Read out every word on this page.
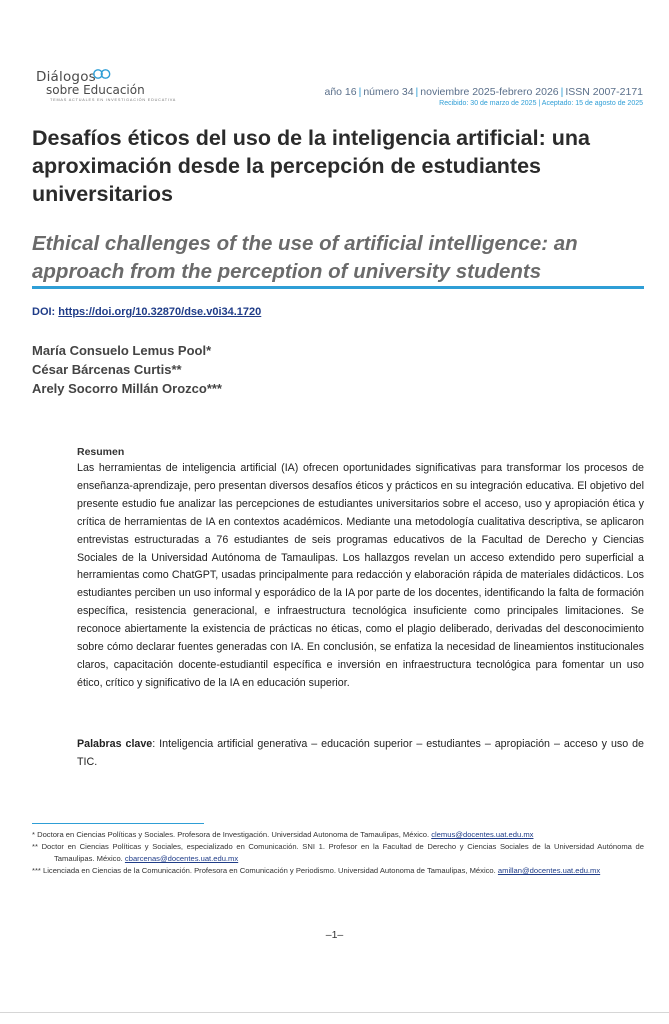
Diálogos
sobre Educación
TEMAS ACTUALES EN INVESTIGACIÓN EDUCATIVA
año 16 | número 34 | noviembre 2025-febrero 2026 | ISSN 2007-2171
Recibido: 30 de marzo de 2025 | Aceptado: 15 de agosto de 2025
Desafíos éticos del uso de la inteligencia artificial: una aproximación desde la percepción de estudiantes universitarios
Ethical challenges of the use of artificial intelligence: an approach from the perception of university students
DOI: https://doi.org/10.32870/dse.v0i34.1720
María Consuelo Lemus Pool*
César Bárcenas Curtis**
Arely Socorro Millán Orozco***
Resumen

Las herramientas de inteligencia artificial (IA) ofrecen oportunidades significativas para transformar los procesos de enseñanza-aprendizaje, pero presentan diversos desafíos éticos y prácticos en su integración educativa. El objetivo del presente estudio fue analizar las percepciones de estudiantes universitarios sobre el acceso, uso y apropiación ética y crítica de herramientas de IA en contextos académicos. Mediante una metodología cualitativa descriptiva, se aplicaron entrevistas estructuradas a 76 estudiantes de seis programas educativos de la Facultad de Derecho y Ciencias Sociales de la Universidad Autónoma de Tamaulipas. Los hallazgos revelan un acceso extendido pero superficial a herramientas como ChatGPT, usadas principalmente para redacción y elaboración rápida de materiales didácticos. Los estudiantes perciben un uso informal y esporádico de la IA por parte de los docentes, identificando la falta de formación específica, resistencia generacional, e infraestructura tecnológica insuficiente como principales limitaciones. Se reconoce abiertamente la existencia de prácticas no éticas, como el plagio deliberado, derivadas del desconocimiento sobre cómo declarar fuentes generadas con IA. En conclusión, se enfatiza la necesidad de lineamientos institucionales claros, capacitación docente-estudiantil específica e inversión en infraestructura tecnológica para fomentar un uso ético, crítico y significativo de la IA en educación superior.

Palabras clave: Inteligencia artificial generativa – educación superior – estudiantes – apropiación – acceso y uso de TIC.
* Doctora en Ciencias Políticas y Sociales. Profesora de Investigación. Universidad Autonoma de Tamaulipas, México. clemus@docentes.uat.edu.mx
** Doctor en Ciencias Políticas y Sociales, especializado en Comunicación. SNI 1. Profesor en la Facultad de Derecho y Ciencias Sociales de la Universidad Autónoma de Tamaulipas. México. cbarcenas@docentes.uat.edu.mx
*** Licenciada en Ciencias de la Comunicación. Profesora en Comunicación y Periodismo. Universidad Autonoma de Tamaulipas, México. amillan@docentes.uat.edu.mx
–1–
